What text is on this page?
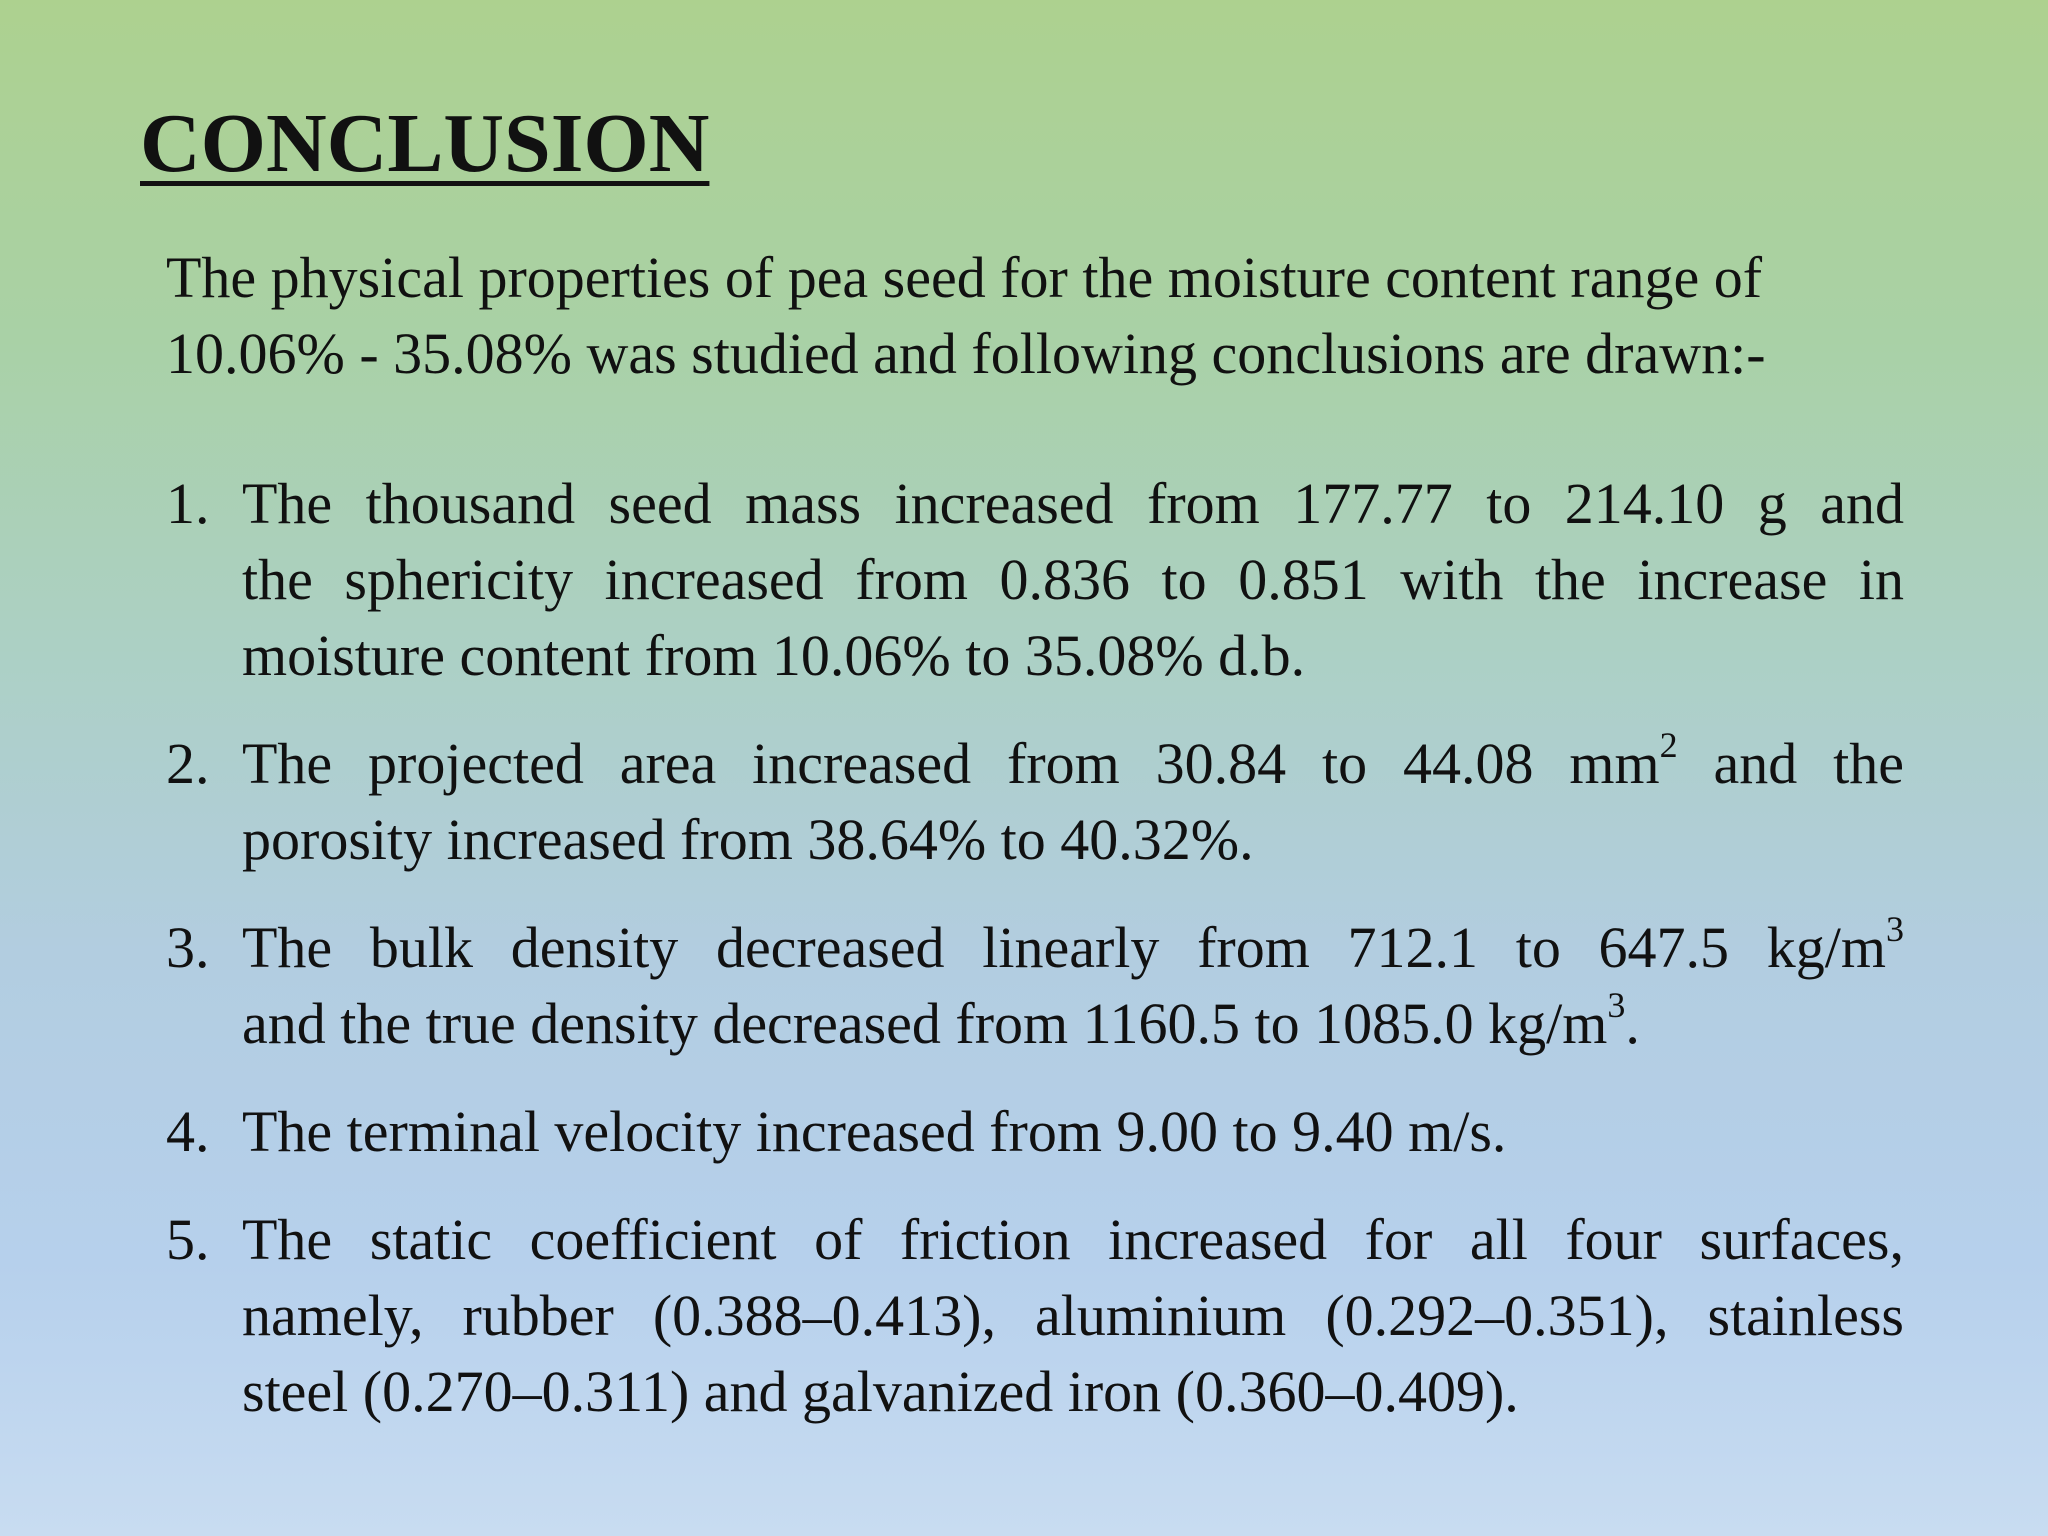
CONCLUSION

The physical properties of pea seed for the moisture content range of
10.06% - 35.08% was studied and following conclusions are drawn:-

1. The thousand seed mass increased from 177.77 to 214.10 g and
the sphericity increased from 0.836 to 0.851 with the increase in
moisture content from 10.06% to 35.08% d.b.
2. The projected area increased from 30.84 to 44.08 $mm^2$ and the
porosity increased from 38.64% to 40.32%.
3. The bulk density decreased linearly from 712.1 to 647.5 $kg/m^3$
and the true density decreased from 1160.5 to 1085.0 $kg/m^3$.
4. The terminal velocity increased from 9.00 to 9.40 m/s.
5. The static coefficient of friction increased for all four surfaces,
namely, rubber (0.388–0.413), aluminium (0.292–0.351), stainless
steel (0.270–0.311) and galvanized iron (0.360–0.409).
